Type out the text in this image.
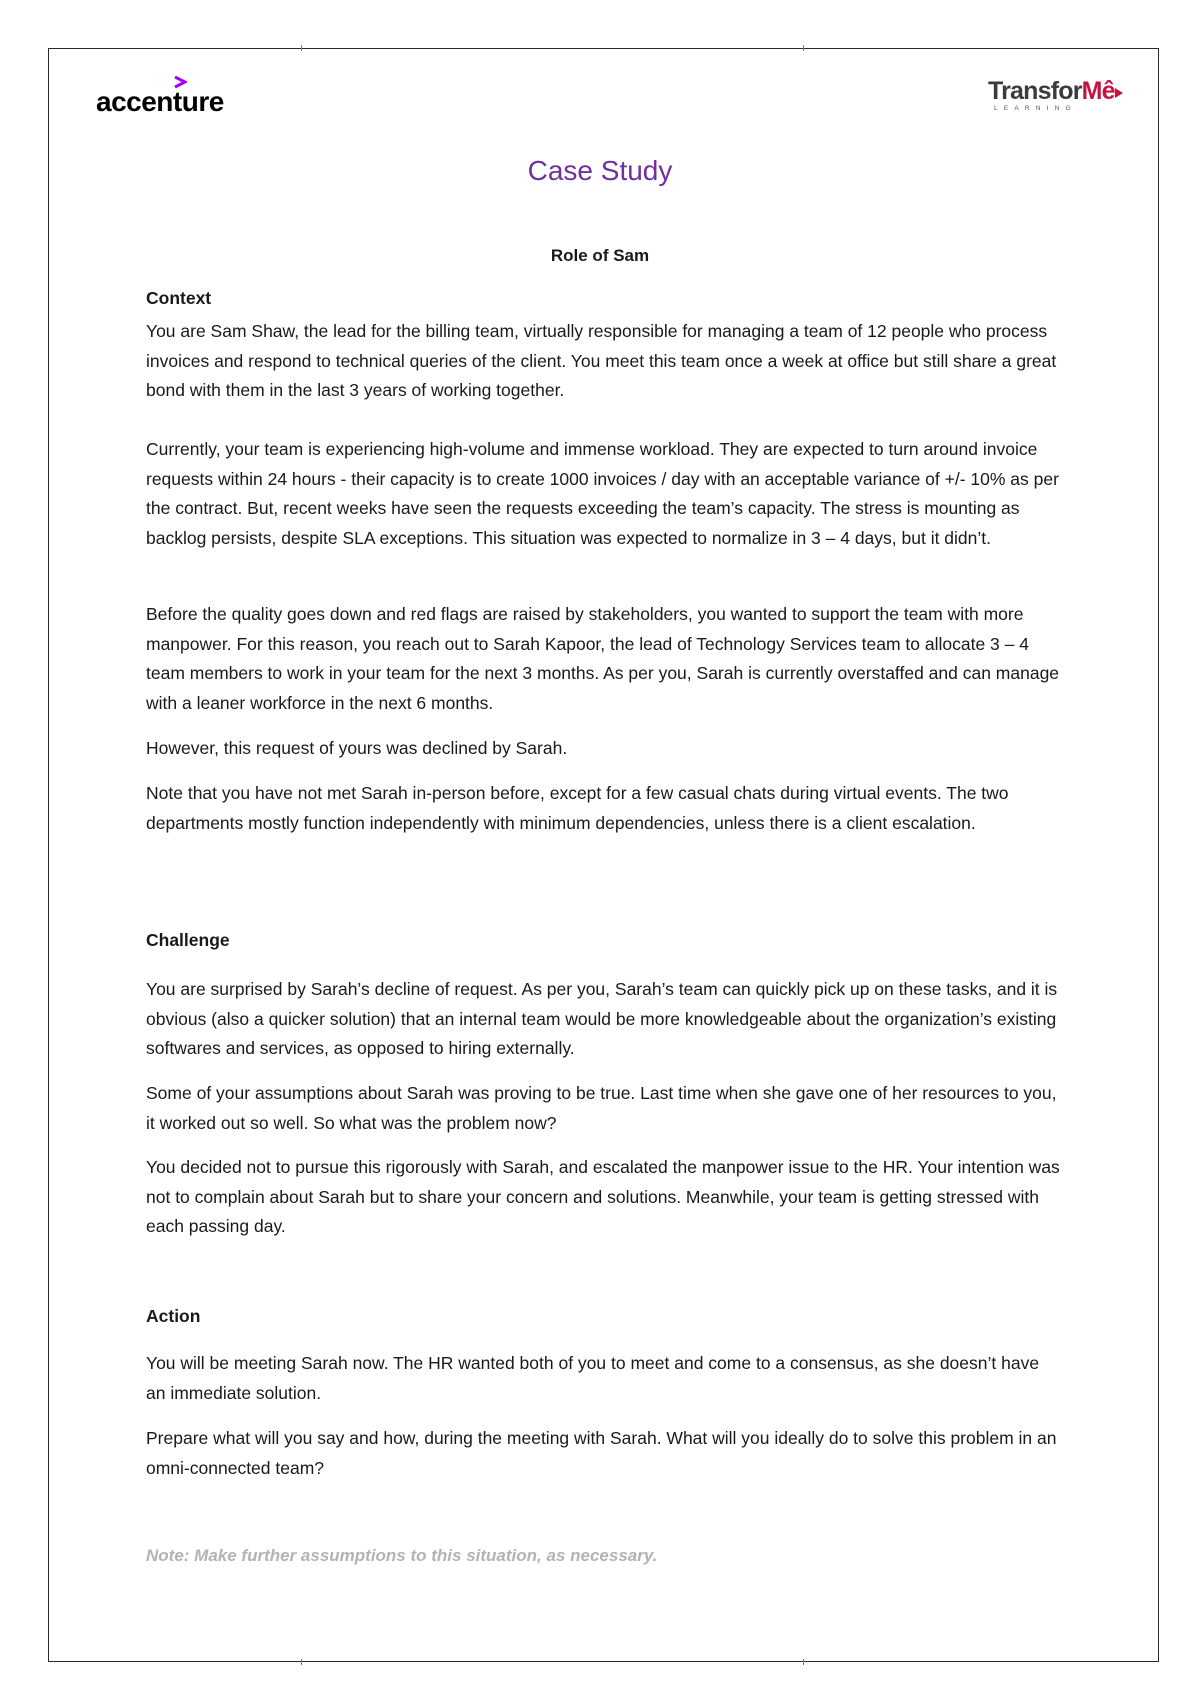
accenture	TransforMê
LEARNING
Case Study
Role of Sam
Context
You are Sam Shaw, the lead for the billing team, virtually responsible for managing a team of 12 people who process invoices and respond to technical queries of the client. You meet this team once a week at office but still share a great bond with them in the last 3 years of working together.
Currently, your team is experiencing high-volume and immense workload. They are expected to turn around invoice requests within 24 hours - their capacity is to create 1000 invoices / day with an acceptable variance of +/- 10% as per the contract. But, recent weeks have seen the requests exceeding the team’s capacity. The stress is mounting as backlog persists, despite SLA exceptions. This situation was expected to normalize in 3 – 4 days, but it didn’t.
Before the quality goes down and red flags are raised by stakeholders, you wanted to support the team with more manpower. For this reason, you reach out to Sarah Kapoor, the lead of Technology Services team to allocate 3 – 4 team members to work in your team for the next 3 months. As per you, Sarah is currently overstaffed and can manage with a leaner workforce in the next 6 months.
However, this request of yours was declined by Sarah.
Note that you have not met Sarah in-person before, except for a few casual chats during virtual events. The two departments mostly function independently with minimum dependencies, unless there is a client escalation.
Challenge
You are surprised by Sarah’s decline of request. As per you, Sarah’s team can quickly pick up on these tasks, and it is obvious (also a quicker solution) that an internal team would be more knowledgeable about the organization’s existing softwares and services, as opposed to hiring externally.
Some of your assumptions about Sarah was proving to be true. Last time when she gave one of her resources to you, it worked out so well. So what was the problem now?
You decided not to pursue this rigorously with Sarah, and escalated the manpower issue to the HR. Your intention was not to complain about Sarah but to share your concern and solutions. Meanwhile, your team is getting stressed with each passing day.
Action
You will be meeting Sarah now. The HR wanted both of you to meet and come to a consensus, as she doesn’t have an immediate solution.
Prepare what will you say and how, during the meeting with Sarah. What will you ideally do to solve this problem in an omni-connected team?
Note: Make further assumptions to this situation, as necessary.
